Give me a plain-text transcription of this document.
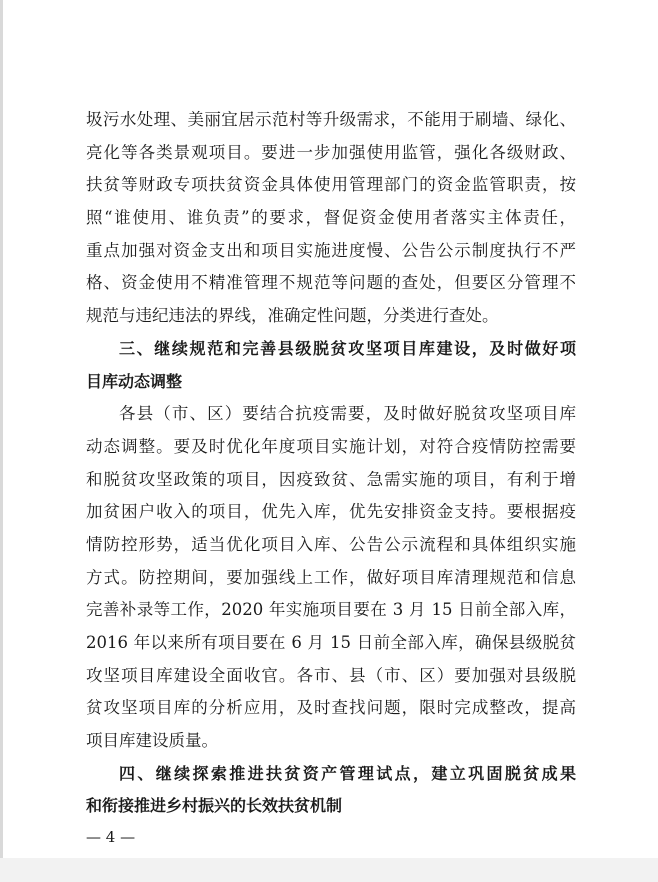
圾污水处理、美丽宜居示范村等升级需求，不能用于刷墙、绿化、
亮化等各类景观项目。要进一步加强使用监管，强化各级财政、
扶贫等财政专项扶贫资金具体使用管理部门的资金监管职责，按
照“谁使用、谁负责”的要求，督促资金使用者落实主体责任，
重点加强对资金支出和项目实施进度慢、公告公示制度执行不严
格、资金使用不精准管理不规范等问题的查处，但要区分管理不
规范与违纪违法的界线，准确定性问题，分类进行查处。
三、继续规范和完善县级脱贫攻坚项目库建设，及时做好项
目库动态调整
各县（市、区）要结合抗疫需要，及时做好脱贫攻坚项目库
动态调整。要及时优化年度项目实施计划，对符合疫情防控需要
和脱贫攻坚政策的项目，因疫致贫、急需实施的项目，有利于增
加贫困户收入的项目，优先入库，优先安排资金支持。要根据疫
情防控形势，适当优化项目入库、公告公示流程和具体组织实施
方式。防控期间，要加强线上工作，做好项目库清理规范和信息
完善补录等工作，2020 年实施项目要在 3 月 15 日前全部入库，
2016 年以来所有项目要在 6 月 15 日前全部入库，确保县级脱贫
攻坚项目库建设全面收官。各市、县（市、区）要加强对县级脱
贫攻坚项目库的分析应用，及时查找问题，限时完成整改，提高
项目库建设质量。
四、继续探索推进扶贫资产管理试点，建立巩固脱贫成果
和衔接推进乡村振兴的长效扶贫机制
— 4 —
